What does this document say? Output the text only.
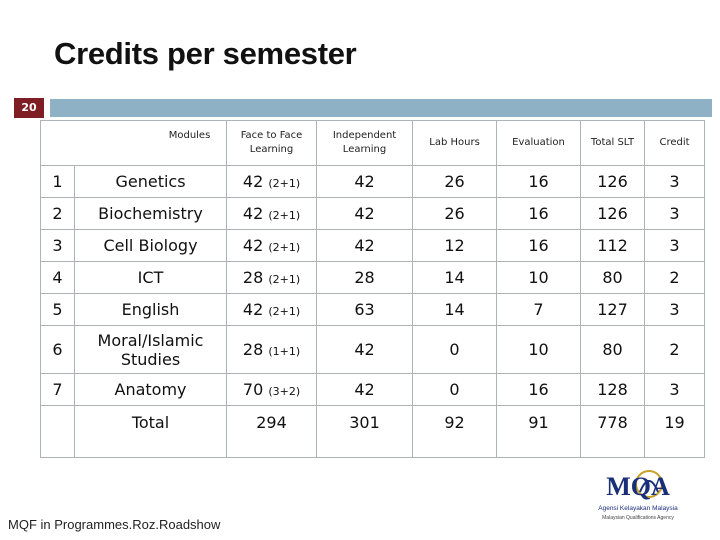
Credits per semester
20
Modules		Face to Face Learning	Independent Learning	Lab Hours	Evaluation	Total SLT	Credit
1	Genetics	42 (2+1)	42	26	16	126	3
2	Biochemistry	42 (2+1)	42	26	16	126	3
3	Cell Biology	42 (2+1)	42	12	16	112	3
4	ICT	28 (2+1)	28	14	10	80	2
5	English	42 (2+1)	63	14	7	127	3
6	Moral/Islamic Studies	28 (1+1)	42	0	10	80	2
7	Anatomy	70 (3+2)	42	0	16	128	3
	Total	294	301	92	91	778	19
MQF in Programmes.Roz.Roadshow
MQA
Agensi Kelayakan Malaysia
Malaysian Qualifications Agency
